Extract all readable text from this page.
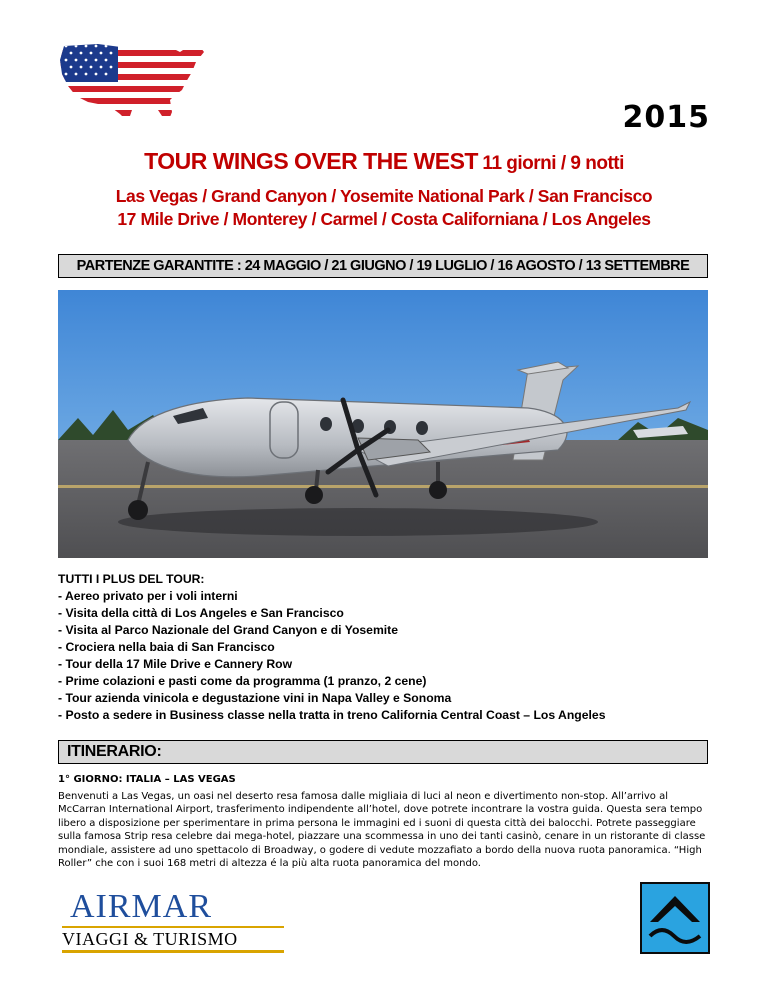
2015
TOUR WINGS OVER THE WEST 11 giorni / 9 notti
Las Vegas / Grand Canyon / Yosemite National Park / San Francisco
17 Mile Drive / Monterey / Carmel / Costa Californiana / Los Angeles
PARTENZE GARANTITE : 24 MAGGIO / 21 GIUGNO / 19 LUGLIO / 16 AGOSTO / 13 SETTEMBRE
TUTTI I PLUS DEL TOUR:
- Aereo privato per i voli interni
- Visita della città di Los Angeles e San Francisco
- Visita al Parco Nazionale del Grand Canyon e di Yosemite
- Crociera nella baia di San Francisco
- Tour della 17 Mile Drive e Cannery Row
- Prime colazioni e pasti come da programma (1 pranzo, 2 cene)
- Tour azienda vinicola e degustazione vini in Napa Valley e Sonoma
- Posto a sedere in Business classe nella tratta in treno California Central Coast – Los Angeles
ITINERARIO:
1° GIORNO: ITALIA – LAS VEGAS
Benvenuti a Las Vegas, un oasi nel deserto resa famosa dalle migliaia di luci al neon e divertimento non-stop. All’arrivo al McCarran International Airport, trasferimento indipendente all’hotel, dove potrete incontrare la vostra guida. Questa sera tempo libero a disposizione per sperimentare in prima persona le immagini ed i suoni di questa città dei balocchi. Potrete passeggiare sulla famosa Strip resa celebre dai mega-hotel, piazzare una scommessa in uno dei tanti casinò, cenare in un ristorante di classe mondiale, assistere ad uno spettacolo di Broadway, o godere di vedute mozzafiato a bordo della nuova ruota panoramica. “High Roller” che con i suoi 168 metri di altezza é la più alta ruota panoramica del mondo.
AIRMAR
VIAGGI & TURISMO
